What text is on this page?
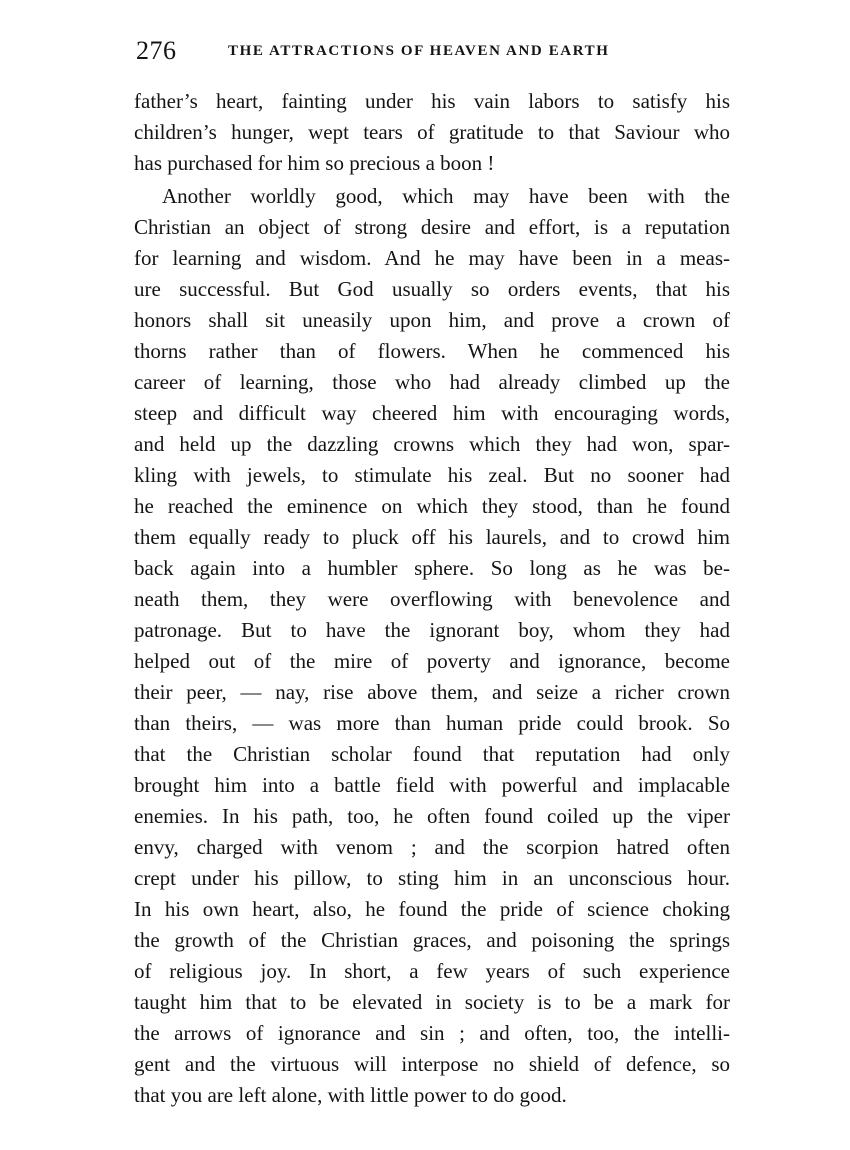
276	THE ATTRACTIONS OF HEAVEN AND EARTH
father’s heart, fainting under his vain labors to satisfy his
children’s hunger, wept tears of gratitude to that Saviour who
has purchased for him so precious a boon !
Another worldly good, which may have been with the
Christian an object of strong desire and effort, is a reputation
for learning and wisdom. And he may have been in a meas-
ure successful. But God usually so orders events, that his
honors shall sit uneasily upon him, and prove a crown of
thorns rather than of flowers. When he commenced his
career of learning, those who had already climbed up the
steep and difficult way cheered him with encouraging words,
and held up the dazzling crowns which they had won, spar-
kling with jewels, to stimulate his zeal. But no sooner had
he reached the eminence on which they stood, than he found
them equally ready to pluck off his laurels, and to crowd him
back again into a humbler sphere. So long as he was be-
neath them, they were overflowing with benevolence and
patronage. But to have the ignorant boy, whom they had
helped out of the mire of poverty and ignorance, become
their peer, — nay, rise above them, and seize a richer crown
than theirs, — was more than human pride could brook. So
that the Christian scholar found that reputation had only
brought him into a battle field with powerful and implacable
enemies. In his path, too, he often found coiled up the viper
envy, charged with venom ; and the scorpion hatred often
crept under his pillow, to sting him in an unconscious hour.
In his own heart, also, he found the pride of science choking
the growth of the Christian graces, and poisoning the springs
of religious joy. In short, a few years of such experience
taught him that to be elevated in society is to be a mark for
the arrows of ignorance and sin ; and often, too, the intelli-
gent and the virtuous will interpose no shield of defence, so
that you are left alone, with little power to do good.
